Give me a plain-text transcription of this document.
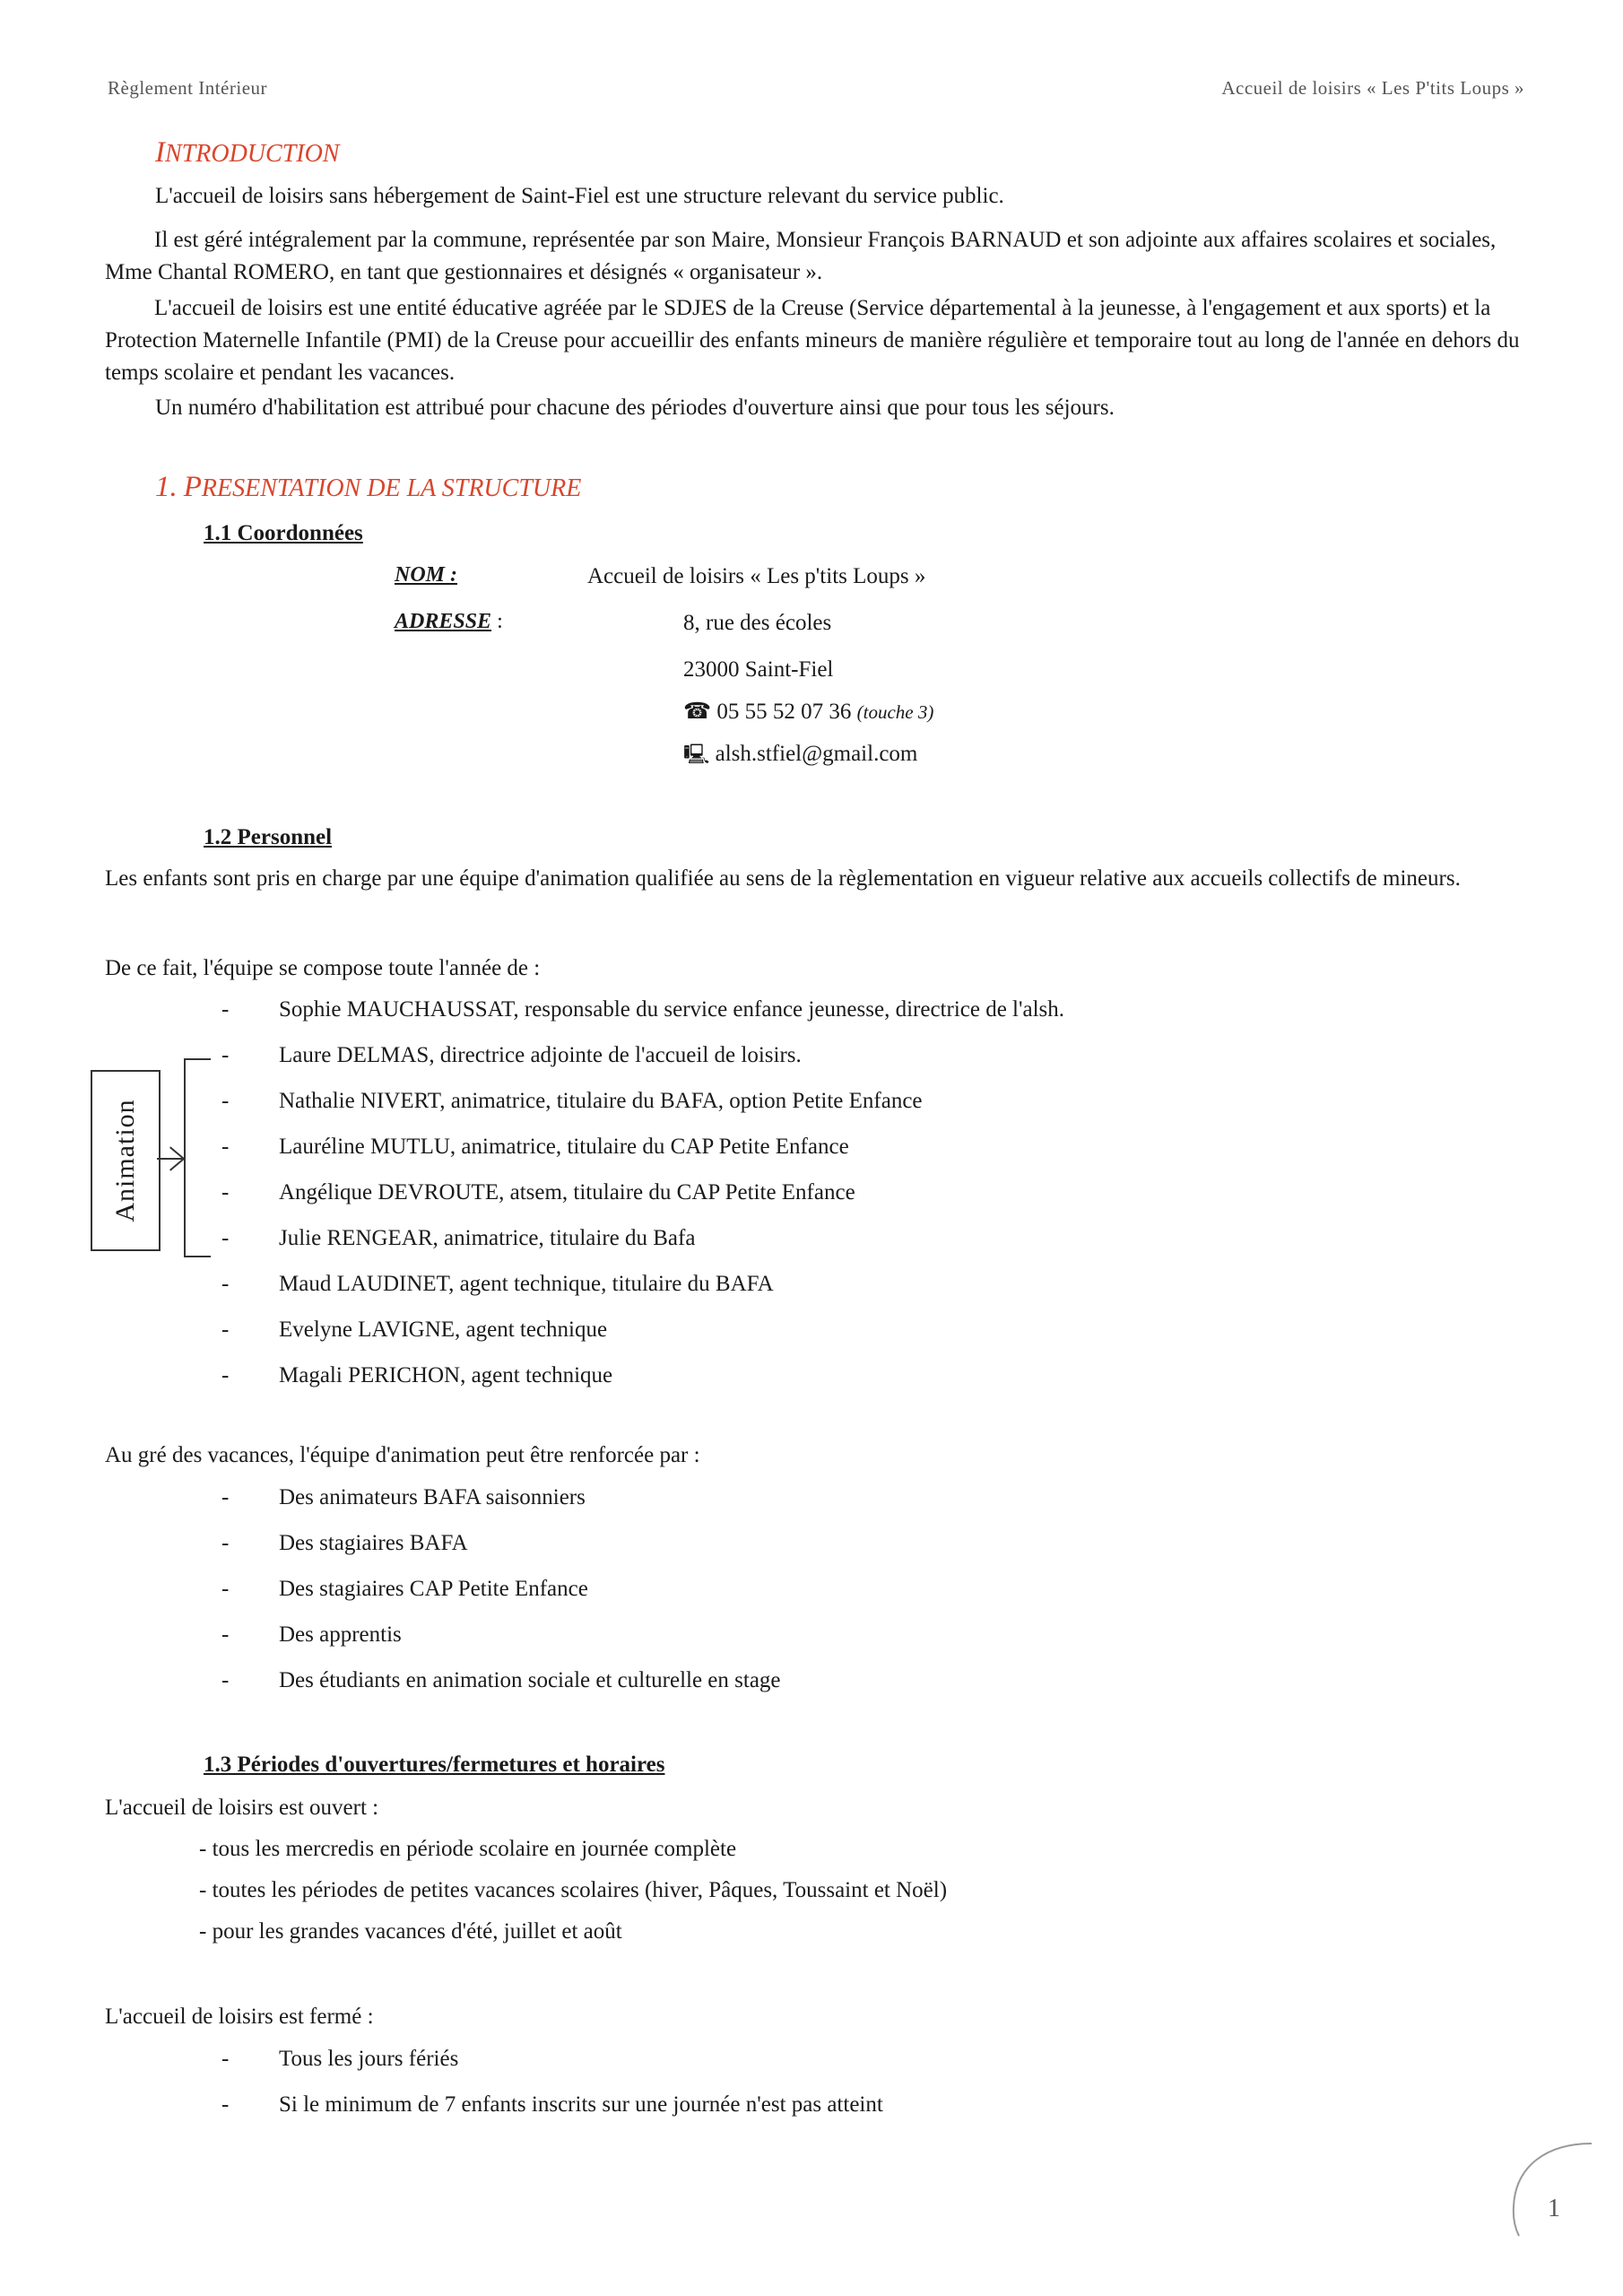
Règlement Intérieur	Accueil de loisirs « Les P'tits Loups »
INTRODUCTION
L'accueil de loisirs sans hébergement de Saint-Fiel est une structure relevant du service public.
Il est géré intégralement par la commune, représentée par son Maire, Monsieur François BARNAUD et son adjointe aux affaires scolaires et sociales, Mme Chantal ROMERO, en tant que gestionnaires et désignés « organisateur ».
L'accueil de loisirs est une entité éducative agréée par le SDJES de la Creuse (Service départemental à la jeunesse, à l'engagement et aux sports) et la Protection Maternelle Infantile (PMI) de la Creuse pour accueillir des enfants mineurs de manière régulière et temporaire tout au long de l'année en dehors du temps scolaire et pendant les vacances.
Un numéro d'habilitation est attribué pour chacune des périodes d'ouverture ainsi que pour tous les séjours.
1. PRESENTATION DE LA STRUCTURE
1.1 Coordonnées
NOM :	Accueil de loisirs « Les p'tits Loups »
ADRESSE :	8, rue des écoles
23000 Saint-Fiel
☎ 05 55 52 07 36 (touche 3)
🖳 alsh.stfiel@gmail.com
1.2 Personnel
Les enfants sont pris en charge par une équipe d'animation qualifiée au sens de la règlementation en vigueur relative aux accueils collectifs de mineurs.
De ce fait, l'équipe se compose toute l'année de :
Animation
- Sophie MAUCHAUSSAT, responsable du service enfance jeunesse, directrice de l'alsh.
- Laure DELMAS, directrice adjointe de l'accueil de loisirs.
- Nathalie NIVERT, animatrice, titulaire du BAFA, option Petite Enfance
- Lauréline MUTLU, animatrice, titulaire du CAP Petite Enfance
- Angélique DEVROUTE, atsem, titulaire du CAP Petite Enfance
- Julie RENGEAR, animatrice, titulaire du Bafa
- Maud LAUDINET, agent technique, titulaire du BAFA
- Evelyne LAVIGNE, agent technique
- Magali PERICHON, agent technique
Au gré des vacances, l'équipe d'animation peut être renforcée par :
- Des animateurs BAFA saisonniers
- Des stagiaires BAFA
- Des stagiaires CAP Petite Enfance
- Des apprentis
- Des étudiants en animation sociale et culturelle en stage
1.3 Périodes d'ouvertures/fermetures et horaires
L'accueil de loisirs est ouvert :
- tous les mercredis en période scolaire en journée complète
- toutes les périodes de petites vacances scolaires (hiver, Pâques, Toussaint et Noël)
- pour les grandes vacances d'été, juillet et août
L'accueil de loisirs est fermé :
- Tous les jours fériés
- Si le minimum de 7 enfants inscrits sur une journée n'est pas atteint
1
